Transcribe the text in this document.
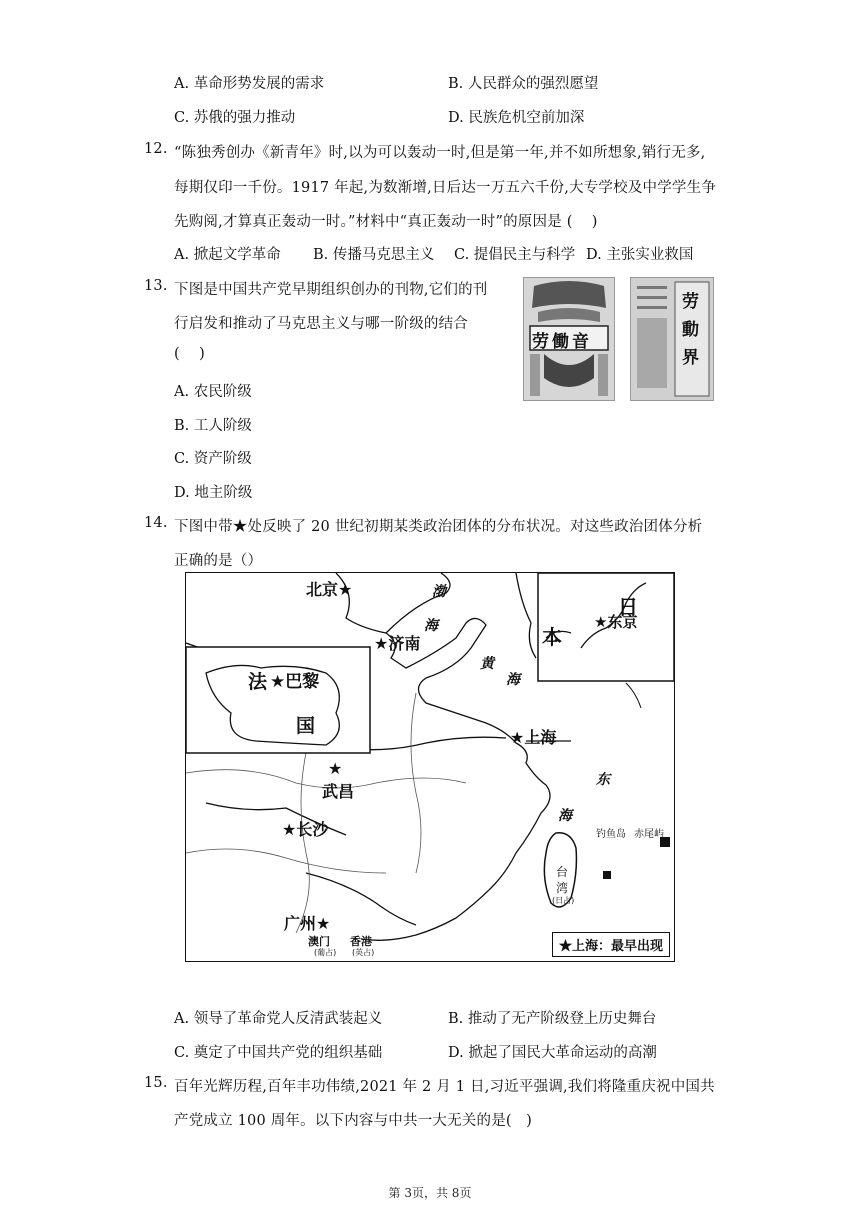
A. 革命形势发展的需求	B. 人民群众的强烈愿望
C. 苏俄的强力推动	D. 民族危机空前加深
12. “陈独秀创办《新青年》时,以为可以轰动一时,但是第一年,并不如所想象,销行无多,
每期仅印一千份。1917 年起,为数渐增,日后达一万五六千份,大专学校及中学学生争
先购阅,才算真正轰动一时。”材料中“真正轰动一时”的原因是 (    )
A. 掀起文学革命 B. 传播马克思主义 C. 提倡民主与科学 D. 主张实业救国
13. 下图是中国共产党早期组织创办的刊物,它们的刊
行启发和推动了马克思主义与哪一阶级的结合
(    )
A. 农民阶级
B. 工人阶级
C. 资产阶级
D. 地主阶级
劳働音
劳動界
14. 下图中带★处反映了 20 世纪初期某类政治团体的分布状况。对这些政治团体分析
正确的是（）
北京★
★济南
★上海
★
武昌
★长沙
广州★
渤
海
黄
海
东
海
日
本
★东京
法 ★巴黎
国
澳门
(葡占)
香港
(英占)
台
湾
(日占)
钓鱼岛 赤尾屿
★上海：最早出现
A. 领导了革命党人反清武装起义	B. 推动了无产阶级登上历史舞台
C. 奠定了中国共产党的组织基础	D. 掀起了国民大革命运动的高潮
15. 百年光辉历程,百年丰功伟绩,2021 年 2 月 1 日,习近平强调,我们将隆重庆祝中国共
产党成立 100 周年。以下内容与中共一大无关的是(   )
第 3页，共 8页
